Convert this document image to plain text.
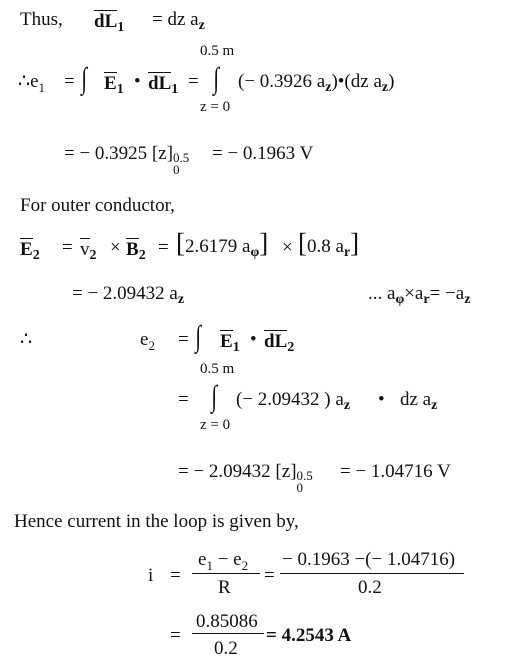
Thus, $dL_1$ = dz $a_z$
0.5 m
$\therefore e_1$ = ∫ $E_1$ • $dL_1$ = ∫ (− 0.3926 $a_z)•(dz$ $a_z$)
z = 0
= − 0.3925 [z] 0.5
0
= − 0.1963 V
For outer conductor,
$E_2 = v_2 \times B_2 = [2.6179$ $a_\varphi] \times [0.8$ $a_r$]
= − 2.09432 $a_z$	... $a_\varphi\times a_r= -a_z$
∴	$e_2$ = ∫ $E_1$ • $dL_2$
0.5 m
= ∫ (− 2.09432 ) $a_z$ • dz $a_z$
z = 0
= − 2.09432 [z] 0.5
0
= − 1.04716 V
Hence current in the loop is given by,
i =
$e_1 - e_2$
R
=
− 0.1963 −(− 1.04716)
0.2
=
0.85086
0.2
= 4.2543 A
